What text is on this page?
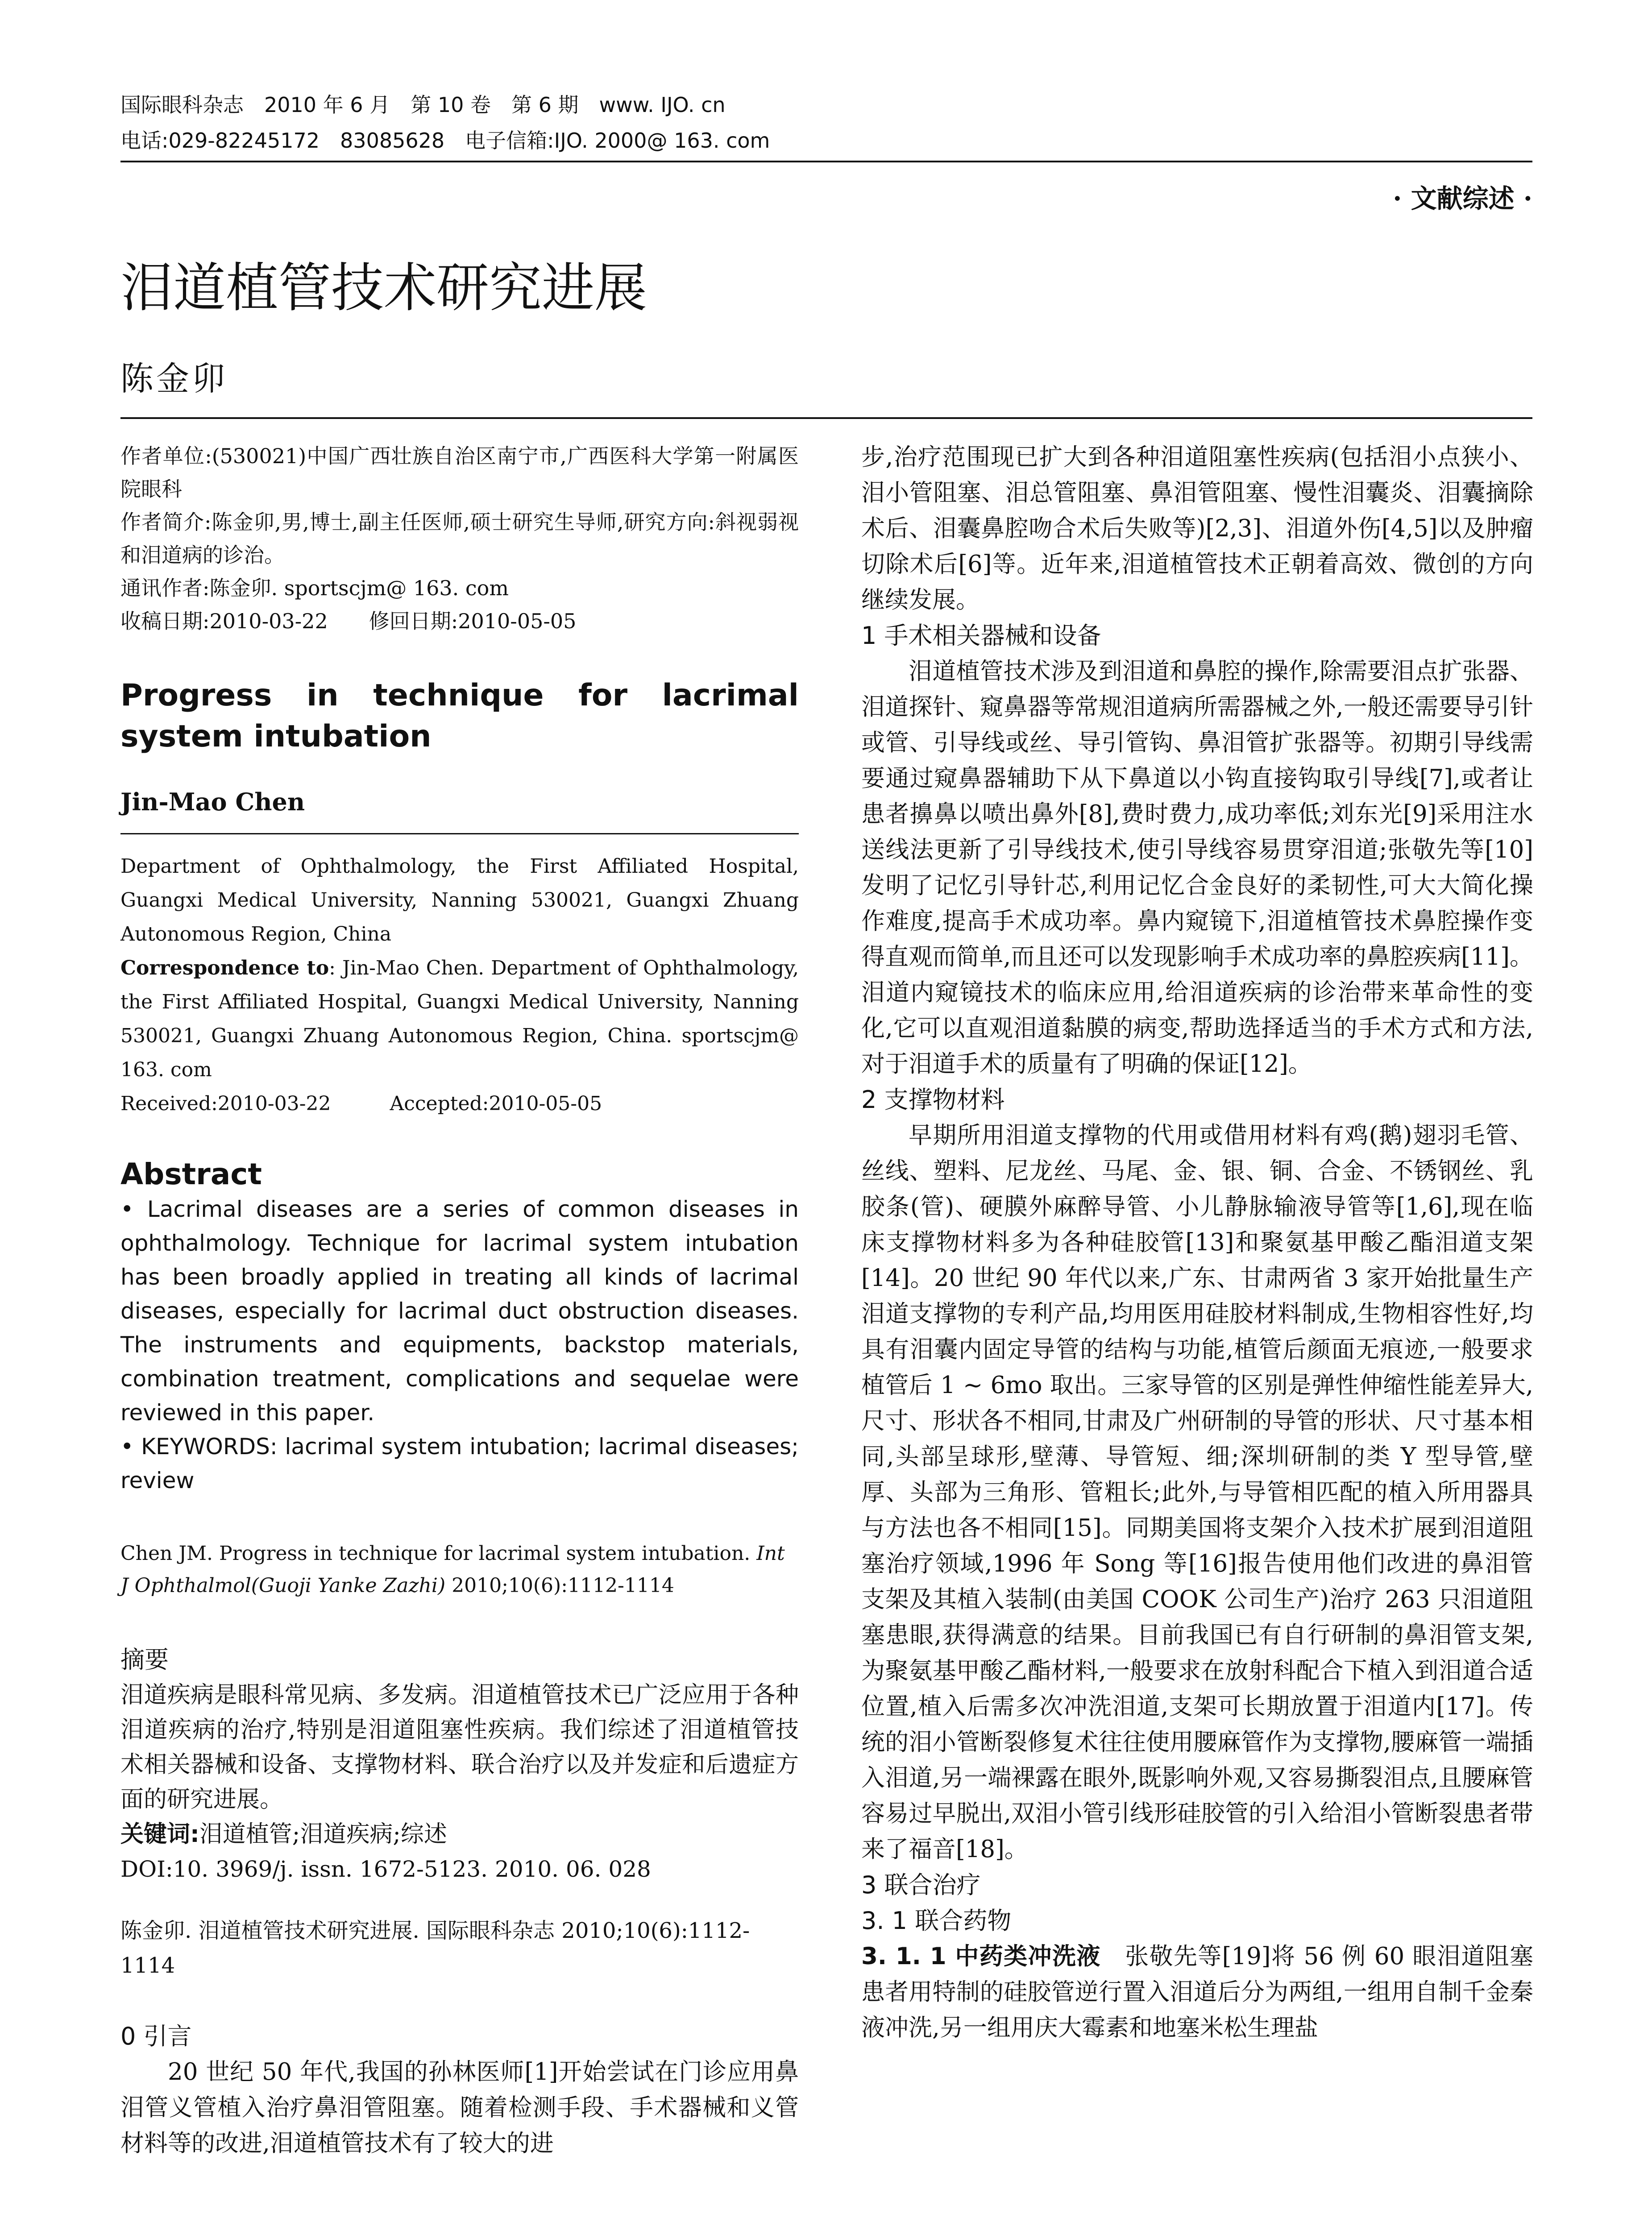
国际眼科杂志　2010 年 6 月　第 10 卷　第 6 期　www. IJO. cn
电话:029-82245172　83085628　电子信箱:IJO. 2000@ 163. com
· 文献综述 ·
泪道植管技术研究进展
陈金卯

作者单位:(530021)中国广西壮族自治区南宁市,广西医科大学第一附属医院眼科

作者简介:陈金卯,男,博士,副主任医师,硕士研究生导师,研究方向:斜视弱视和泪道病的诊治。

通讯作者:陈金卯. sportscjm@ 163. com

收稿日期:2010-03-22　　修回日期:2010-05-05

Progress in technique for lacrimal
system intubation

Jin-Mao Chen

Department of Ophthalmology, the First Affiliated Hospital, Guangxi Medical University, Nanning 530021, Guangxi Zhuang Autonomous Region, China

Correspondence to: Jin-Mao Chen. Department of Ophthalmology, the First Affiliated Hospital, Guangxi Medical University, Nanning 530021, Guangxi Zhuang Autonomous Region, China. sportscjm@ 163. com

Received:2010-03-22　　　Accepted:2010-05-05

Abstract

• Lacrimal diseases are a series of common diseases in ophthalmology. Technique for lacrimal system intubation has been broadly applied in treating all kinds of lacrimal diseases, especially for lacrimal duct obstruction diseases. The instruments and equipments, backstop materials, combination treatment, complications and sequelae were reviewed in this paper.

• KEYWORDS: lacrimal system intubation; lacrimal diseases; review

Chen JM. Progress in technique for lacrimal system intubation. Int J Ophthalmol(Guoji Yanke Zazhi) 2010;10(6):1112-1114

摘要

泪道疾病是眼科常见病、多发病。泪道植管技术已广泛应用于各种泪道疾病的治疗,特别是泪道阻塞性疾病。我们综述了泪道植管技术相关器械和设备、支撑物材料、联合治疗以及并发症和后遗症方面的研究进展。

关键词:泪道植管;泪道疾病;综述

DOI:10. 3969/j. issn. 1672-5123. 2010. 06. 028

陈金卯. 泪道植管技术研究进展. 国际眼科杂志 2010;10(6):1112-1114

0 引言

20 世纪 50 年代,我国的孙林医师[1]开始尝试在门诊应用鼻泪管义管植入治疗鼻泪管阻塞。随着检测手段、手术器械和义管材料等的改进,泪道植管技术有了较大的进

步,治疗范围现已扩大到各种泪道阻塞性疾病(包括泪小点狭小、泪小管阻塞、泪总管阻塞、鼻泪管阻塞、慢性泪囊炎、泪囊摘除术后、泪囊鼻腔吻合术后失败等)[2,3]、泪道外伤[4,5]以及肿瘤切除术后[6]等。近年来,泪道植管技术正朝着高效、微创的方向继续发展。

1 手术相关器械和设备

泪道植管技术涉及到泪道和鼻腔的操作,除需要泪点扩张器、泪道探针、窥鼻器等常规泪道病所需器械之外,一般还需要导引针或管、引导线或丝、导引管钩、鼻泪管扩张器等。初期引导线需要通过窥鼻器辅助下从下鼻道以小钩直接钩取引导线[7],或者让患者擤鼻以喷出鼻外[8],费时费力,成功率低;刘东光[9]采用注水送线法更新了引导线技术,使引导线容易贯穿泪道;张敬先等[10]发明了记忆引导针芯,利用记忆合金良好的柔韧性,可大大简化操作难度,提高手术成功率。鼻内窥镜下,泪道植管技术鼻腔操作变得直观而简单,而且还可以发现影响手术成功率的鼻腔疾病[11]。泪道内窥镜技术的临床应用,给泪道疾病的诊治带来革命性的变化,它可以直观泪道黏膜的病变,帮助选择适当的手术方式和方法,对于泪道手术的质量有了明确的保证[12]。

2 支撑物材料

早期所用泪道支撑物的代用或借用材料有鸡(鹅)翅羽毛管、丝线、塑料、尼龙丝、马尾、金、银、铜、合金、不锈钢丝、乳胶条(管)、硬膜外麻醉导管、小儿静脉输液导管等[1,6],现在临床支撑物材料多为各种硅胶管[13]和聚氨基甲酸乙酯泪道支架[14]。20 世纪 90 年代以来,广东、甘肃两省 3 家开始批量生产泪道支撑物的专利产品,均用医用硅胶材料制成,生物相容性好,均具有泪囊内固定导管的结构与功能,植管后颜面无痕迹,一般要求植管后 1 ~ 6mo 取出。三家导管的区别是弹性伸缩性能差异大,尺寸、形状各不相同,甘肃及广州研制的导管的形状、尺寸基本相同,头部呈球形,壁薄、导管短、细;深圳研制的类 Y 型导管,壁厚、头部为三角形、管粗长;此外,与导管相匹配的植入所用器具与方法也各不相同[15]。同期美国将支架介入技术扩展到泪道阻塞治疗领域,1996 年 Song 等[16]报告使用他们改进的鼻泪管支架及其植入装制(由美国 COOK 公司生产)治疗 263 只泪道阻塞患眼,获得满意的结果。目前我国已有自行研制的鼻泪管支架,为聚氨基甲酸乙酯材料,一般要求在放射科配合下植入到泪道合适位置,植入后需多次冲洗泪道,支架可长期放置于泪道内[17]。传统的泪小管断裂修复术往往使用腰麻管作为支撑物,腰麻管一端插入泪道,另一端裸露在眼外,既影响外观,又容易撕裂泪点,且腰麻管容易过早脱出,双泪小管引线形硅胶管的引入给泪小管断裂患者带来了福音[18]。

3 联合治疗

3. 1 联合药物

3. 1. 1 中药类冲洗液　张敬先等[19]将 56 例 60 眼泪道阻塞患者用特制的硅胶管逆行置入泪道后分为两组,一组用自制千金秦液冲洗,另一组用庆大霉素和地塞米松生理盐
